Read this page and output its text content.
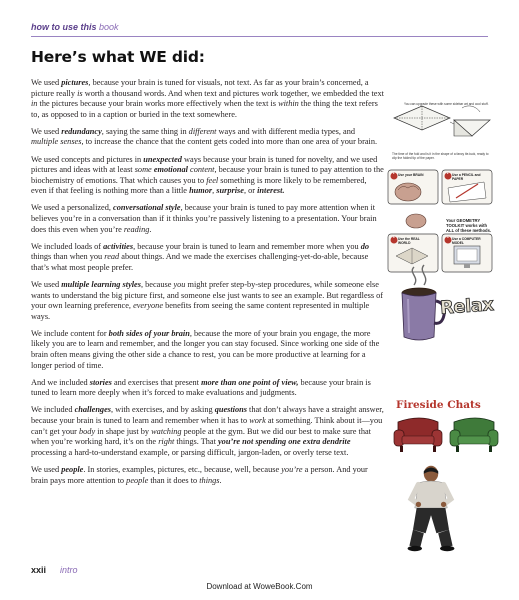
how to use this book
Here’s what WE did:

We used pictures, because your brain is tuned for visuals, not text. As far as your brain’s concerned, a picture really is worth a thousand words. And when text and pictures work together, we embedded the text in the pictures because your brain works more effectively when the text is within the thing the text refers to, as opposed to in a caption or buried in the text somewhere.

We used redundancy, saying the same thing in different ways and with different media types, and multiple senses, to increase the chance that the content gets coded into more than one area of your brain.

We used concepts and pictures in unexpected ways because your brain is tuned for novelty, and we used pictures and ideas with at least some emotional content, because your brain is tuned to pay attention to the biochemistry of emotions. That which causes you to feel something is more likely to be remembered, even if that feeling is nothing more than a little humor, surprise, or interest.

We used a personalized, conversational style, because your brain is tuned to pay more attention when it believes you’re in a conversation than if it thinks you’re passively listening to a presentation. Your brain does this even when you’re reading.

We included loads of activities, because your brain is tuned to learn and remember more when you do things than when you read about things. And we made the exercises challenging-yet-do-able, because that’s what most people prefer.

We used multiple learning styles, because you might prefer step-by-step procedures, while someone else wants to understand the big picture first, and someone else just wants to see an example. But regardless of your own learning preference, everyone benefits from seeing the same content represented in multiple ways.

We include content for both sides of your brain, because the more of your brain you engage, the more likely you are to learn and remember, and the longer you can stay focused. Since working one side of the brain often means giving the other side a chance to rest, you can be more productive at learning for a longer period of time.

And we included stories and exercises that present more than one point of view, because your brain is tuned to learn more deeply when it’s forced to make evaluations and judgments.

We included challenges, with exercises, and by asking questions that don’t always have a straight answer, because your brain is tuned to learn and remember when it has to work at something. Think about it—you can’t get your body in shape just by watching people at the gym. But we did our best to make sure that when you’re working hard, it’s on the right things. That you’re not spending one extra dendrite processing a hard-to-understand example, or parsing difficult, jargon-laden, or overly terse text.

We used people. In stories, examples, pictures, etc., because, well, because you’re a person. And your brain pays more attention to people than it does to things.

You can upgrade these with some sidebar art and cool stuff.
The time of the fold and is it in the shape of a fancy tie-tuck, ready to clip the folded tip of the paper.
Use your BRAIN	Use a PENCIL and PAPER
Use the REAL WORLD
Use a COMPUTER MODEL
1	2
3	4
Your GEOMETRY TOOLKIT works with ALL of these methods.
Relax
Fireside Chats
xxii intro
Download at WoweBook.Com
